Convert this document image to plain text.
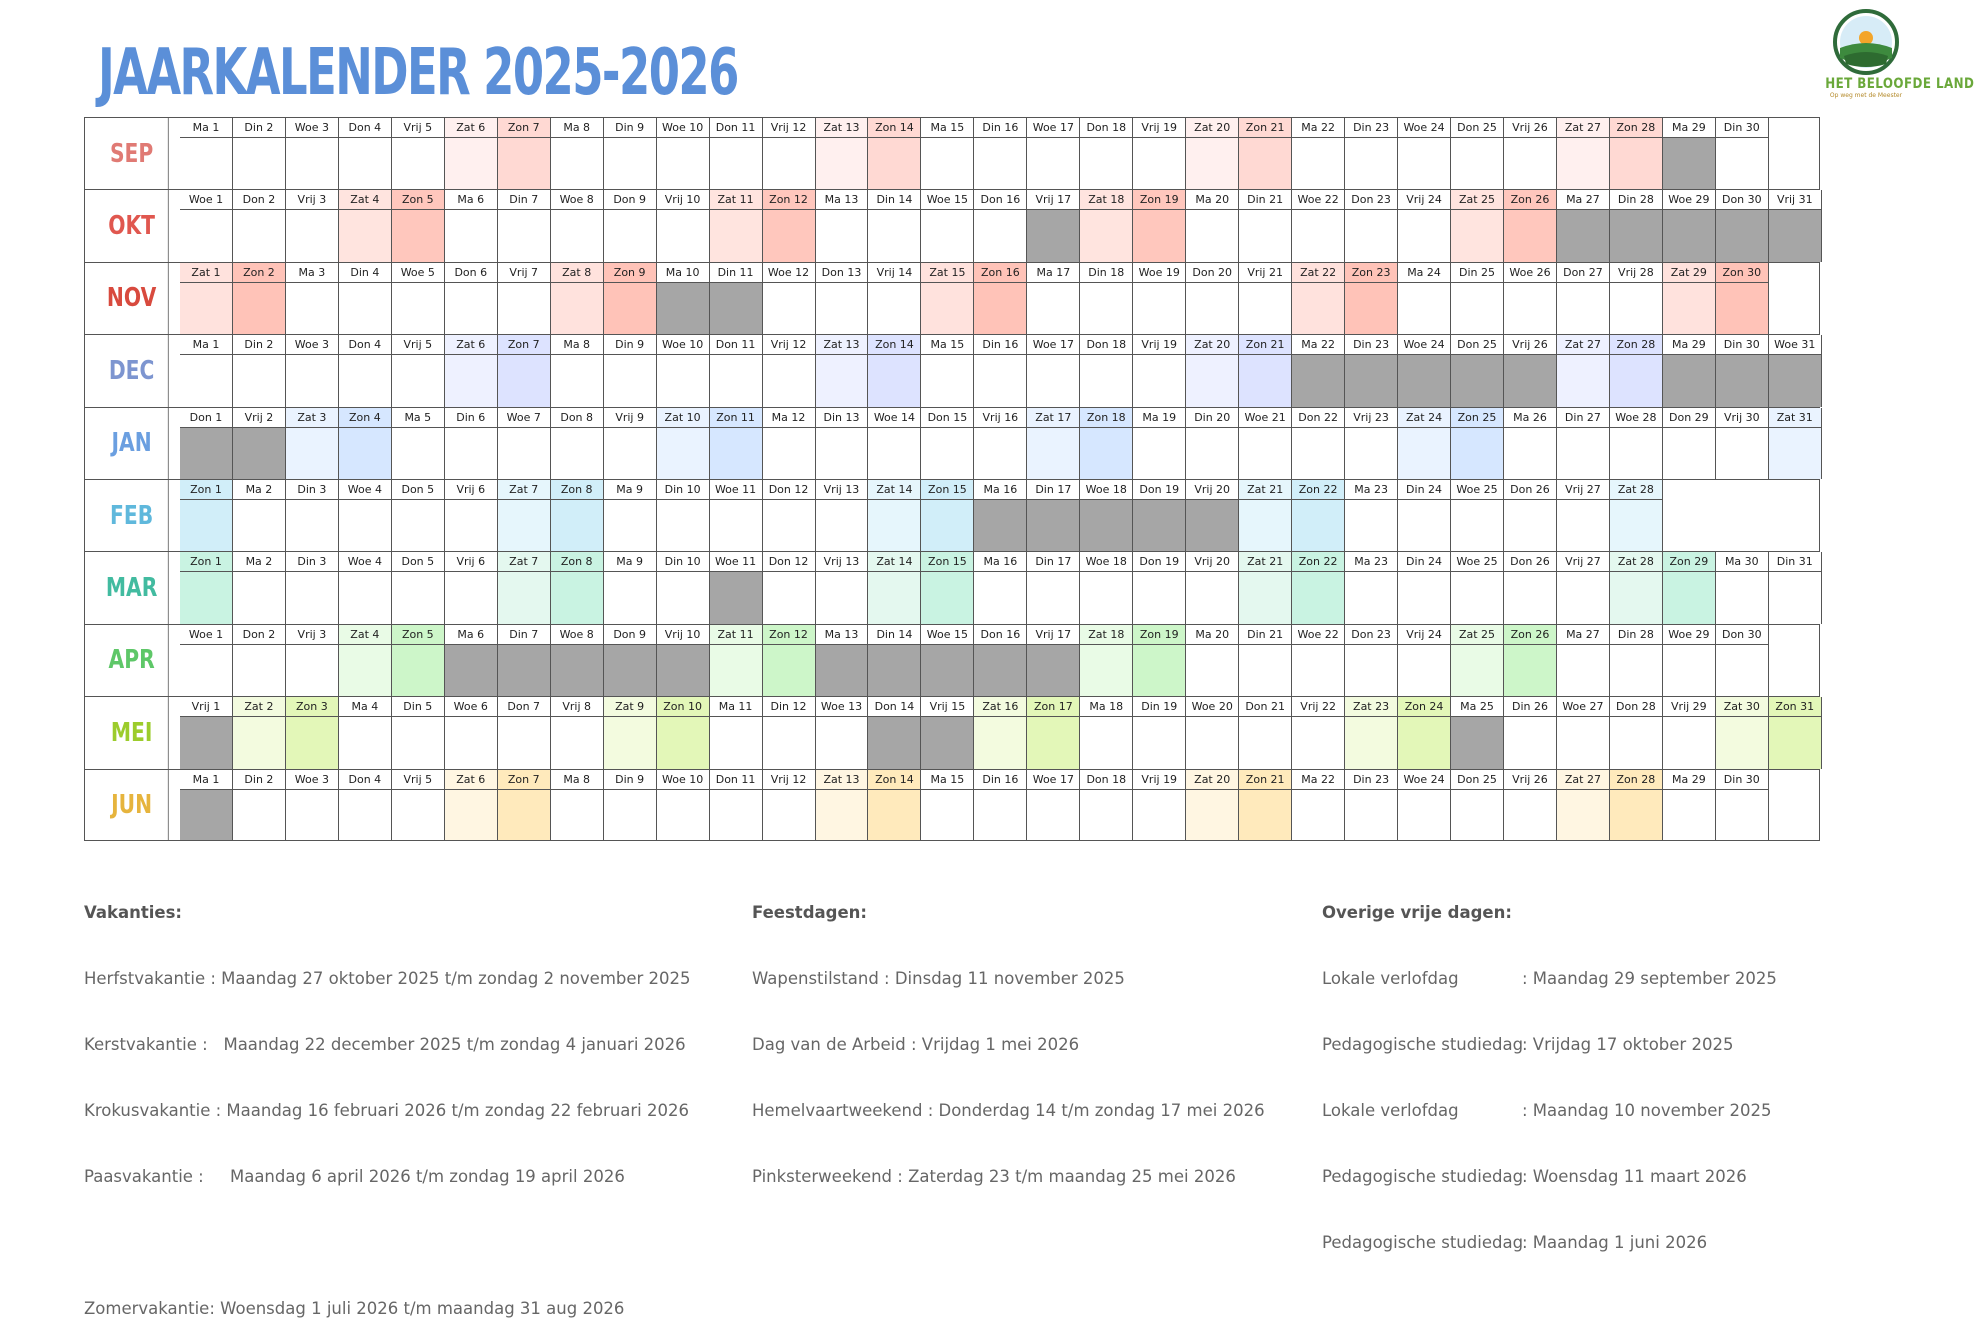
JAARKALENDER 2025-2026	HET BELOOFDE LAND
Op weg met de Meester
SEP
Ma 1	Din 2	Woe 3	Don 4	Vrij 5	Zat 6	Zon 7	Ma 8	Din 9	Woe 10	Don 11	Vrij 12	Zat 13	Zon 14	Ma 15	Din 16	Woe 17	Don 18	Vrij 19	Zat 20	Zon 21	Ma 22	Din 23	Woe 24	Don 25	Vrij 26	Zat 27	Zon 28	Ma 29	Din 30
OKT
Woe 1	Don 2	Vrij 3	Zat 4	Zon 5	Ma 6	Din 7	Woe 8	Don 9	Vrij 10	Zat 11	Zon 12	Ma 13	Din 14	Woe 15	Don 16	Vrij 17	Zat 18	Zon 19	Ma 20	Din 21	Woe 22	Don 23	Vrij 24	Zat 25	Zon 26	Ma 27	Din 28	Woe 29	Don 30	Vrij 31
NOV
Zat 1	Zon 2	Ma 3	Din 4	Woe 5	Don 6	Vrij 7	Zat 8	Zon 9	Ma 10	Din 11	Woe 12	Don 13	Vrij 14	Zat 15	Zon 16	Ma 17	Din 18	Woe 19	Don 20	Vrij 21	Zat 22	Zon 23	Ma 24	Din 25	Woe 26	Don 27	Vrij 28	Zat 29	Zon 30
DEC
Ma 1	Din 2	Woe 3	Don 4	Vrij 5	Zat 6	Zon 7	Ma 8	Din 9	Woe 10	Don 11	Vrij 12	Zat 13	Zon 14	Ma 15	Din 16	Woe 17	Don 18	Vrij 19	Zat 20	Zon 21	Ma 22	Din 23	Woe 24	Don 25	Vrij 26	Zat 27	Zon 28	Ma 29	Din 30	Woe 31
JAN
Don 1	Vrij 2	Zat 3	Zon 4	Ma 5	Din 6	Woe 7	Don 8	Vrij 9	Zat 10	Zon 11	Ma 12	Din 13	Woe 14	Don 15	Vrij 16	Zat 17	Zon 18	Ma 19	Din 20	Woe 21	Don 22	Vrij 23	Zat 24	Zon 25	Ma 26	Din 27	Woe 28	Don 29	Vrij 30	Zat 31
FEB
Zon 1	Ma 2	Din 3	Woe 4	Don 5	Vrij 6	Zat 7	Zon 8	Ma 9	Din 10	Woe 11	Don 12	Vrij 13	Zat 14	Zon 15	Ma 16	Din 17	Woe 18	Don 19	Vrij 20	Zat 21	Zon 22	Ma 23	Din 24	Woe 25	Don 26	Vrij 27	Zat 28
MAR
Zon 1	Ma 2	Din 3	Woe 4	Don 5	Vrij 6	Zat 7	Zon 8	Ma 9	Din 10	Woe 11	Don 12	Vrij 13	Zat 14	Zon 15	Ma 16	Din 17	Woe 18	Don 19	Vrij 20	Zat 21	Zon 22	Ma 23	Din 24	Woe 25	Don 26	Vrij 27	Zat 28	Zon 29	Ma 30	Din 31
APR
Woe 1	Don 2	Vrij 3	Zat 4	Zon 5	Ma 6	Din 7	Woe 8	Don 9	Vrij 10	Zat 11	Zon 12	Ma 13	Din 14	Woe 15	Don 16	Vrij 17	Zat 18	Zon 19	Ma 20	Din 21	Woe 22	Don 23	Vrij 24	Zat 25	Zon 26	Ma 27	Din 28	Woe 29	Don 30
MEI
Vrij 1	Zat 2	Zon 3	Ma 4	Din 5	Woe 6	Don 7	Vrij 8	Zat 9	Zon 10	Ma 11	Din 12	Woe 13	Don 14	Vrij 15	Zat 16	Zon 17	Ma 18	Din 19	Woe 20	Don 21	Vrij 22	Zat 23	Zon 24	Ma 25	Din 26	Woe 27	Don 28	Vrij 29	Zat 30	Zon 31
JUN
Ma 1	Din 2	Woe 3	Don 4	Vrij 5	Zat 6	Zon 7	Ma 8	Din 9	Woe 10	Don 11	Vrij 12	Zat 13	Zon 14	Ma 15	Din 16	Woe 17	Don 18	Vrij 19	Zat 20	Zon 21	Ma 22	Din 23	Woe 24	Don 25	Vrij 26	Zat 27	Zon 28	Ma 29	Din 30

Vakanties:

Herfstvakantie : Maandag 27 oktober 2025 t/m zondag 2 november 2025

Kerstvakantie :   Maandag 22 december 2025 t/m zondag 4 januari 2026

Krokusvakantie : Maandag 16 februari 2026 t/m zondag 22 februari 2026

Paasvakantie :     Maandag 6 april 2026 t/m zondag 19 april 2026

Zomervakantie: Woensdag 1 juli 2026 t/m maandag 31 aug 2026

Feestdagen:

Wapenstilstand : Dinsdag 11 november 2025

Dag van de Arbeid : Vrijdag 1 mei 2026

Hemelvaartweekend : Donderdag 14 t/m zondag 17 mei 2026

Pinksterweekend : Zaterdag 23 t/m maandag 25 mei 2026

Overige vrije dagen:

Lokale verlofdag	: Maandag 29 september 2025

Pedagogische studiedag
: Vrijdag 17 oktober 2025

Lokale verlofdag	: Maandag 10 november 2025

Pedagogische studiedag
: Woensdag 11 maart 2026

Pedagogische studiedag
: Maandag 1 juni 2026
